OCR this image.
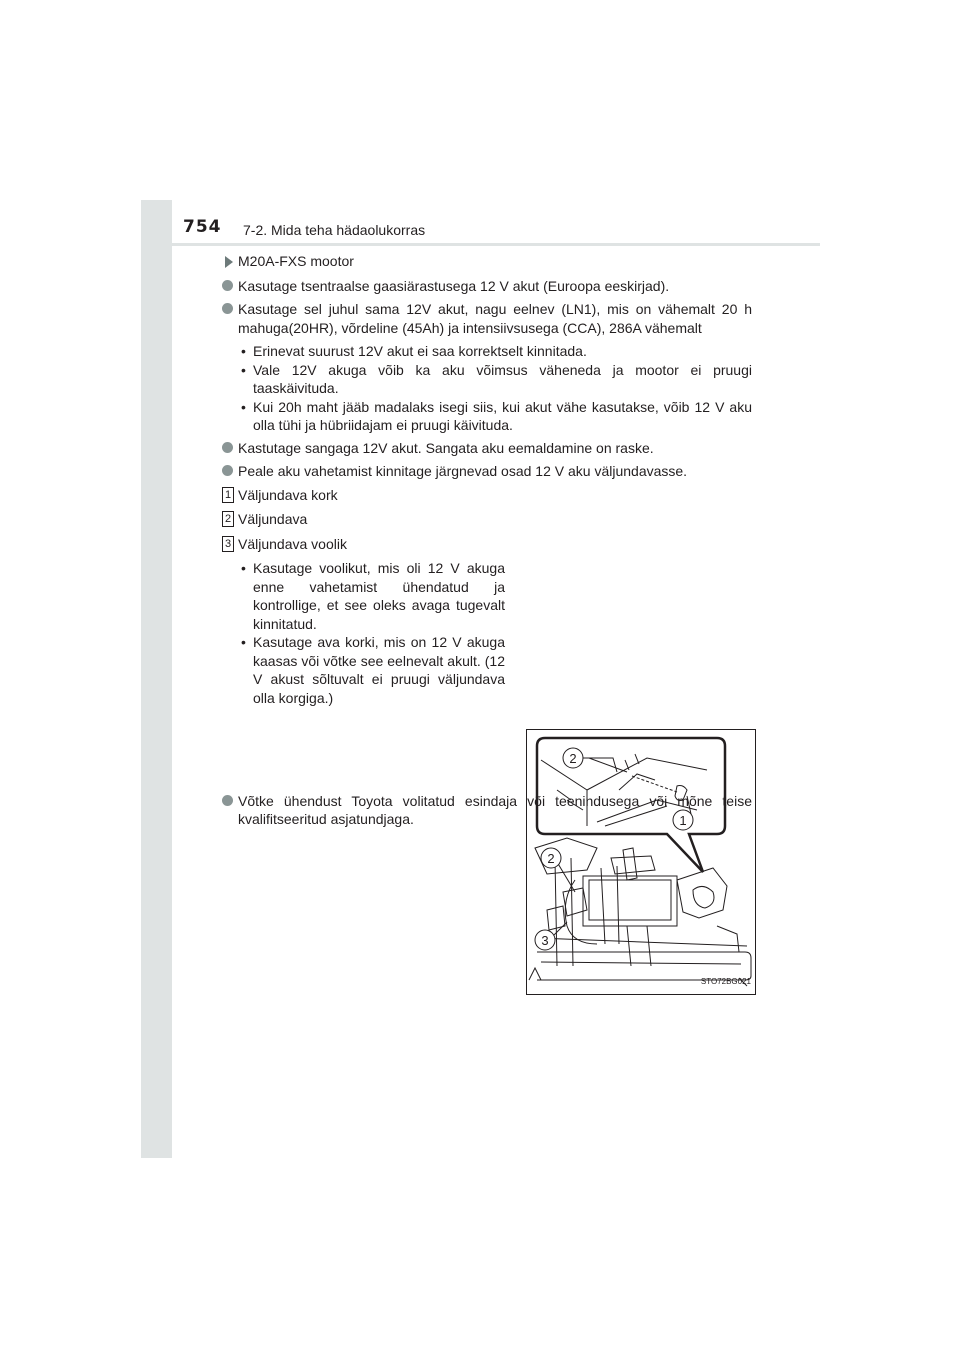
754 7-2. Mida teha hädaolukorras
M20A-FXS mootor
Kasutage tsentraalse gaasiärastusega 12 V akut (Euroopa eeskirjad).
Kasutage sel juhul sama 12V akut, nagu eelnev (LN1), mis on vähemalt 20 h mahuga(20HR), võrdeline (45Ah) ja intensiivsusega (CCA), 286A vähemalt
• Erinevat suurust 12V akut ei saa korrektselt kinnitada.
• Vale 12V akuga võib ka aku võimsus väheneda ja mootor ei pruugi taaskäivituda.
• Kui 20h maht jääb madalaks isegi siis, kui akut vähe kasutakse, võib 12 V aku olla tühi ja hübriidajam ei pruugi käivituda.
Kastutage sangaga 12V akut. Sangata aku eemaldamine on raske.
Peale aku vahetamist kinnitage järgnevad osad 12 V aku väljundavasse.
1 Väljundava kork
2 Väljundava
3 Väljundava voolik
• Kasutage voolikut, mis oli 12 V akuga enne vahetamist ühendatud ja kontrollige, et see oleks avaga tugevalt kinnitatud.
• Kasutage ava korki, mis on 12 V akuga kaasas või võtke see eelnevalt akult. (12 V akust sõltuvalt ei pruugi väljundava olla korgiga.)
2
1
2
3
STO72BG021
Võtke ühendust Toyota volitatud esindaja või teenindusega või mõne teise kvalifitseeritud asjatundjaga.
